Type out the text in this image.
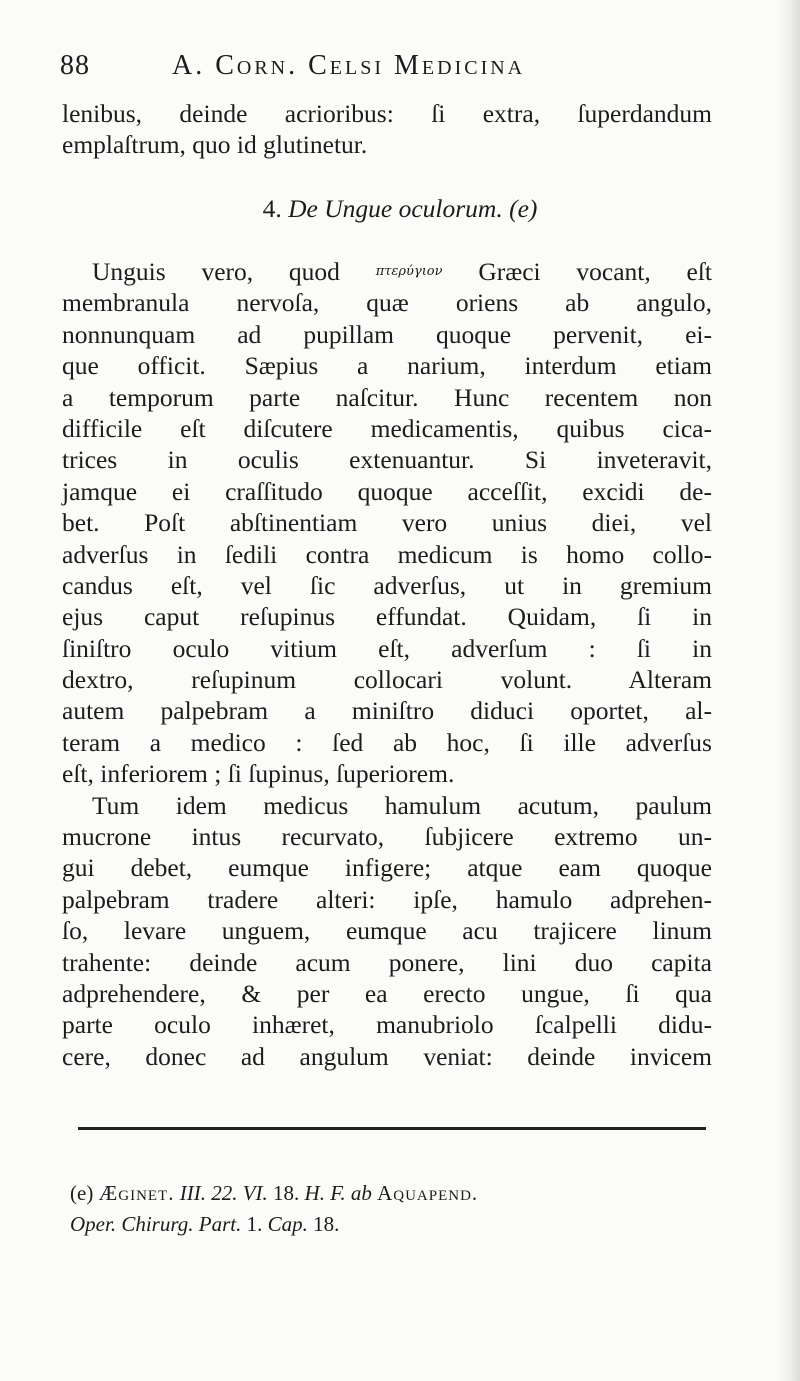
88	A. Corn. Celsi Medicina
lenibus, deinde acrioribus: ſi extra, ſuperdandum
emplaſtrum, quo id glutinetur.
4. De Ungue oculorum. (e)
Unguis vero, quod	πτερύγιον Græci vocant, eſt
membranula nervoſa, quæ oriens ab angulo,
nonnunquam ad pupillam quoque pervenit, ei-
que officit. Sæpius a narium, interdum etiam
a temporum parte naſcitur. Hunc recentem non
difficile eſt diſcutere medicamentis, quibus cica-
trices in oculis extenuantur. Si inveteravit,
jamque ei craſſitudo quoque acceſſit, excidi de-
bet. Poſt abſtinentiam vero unius diei, vel
adverſus in ſedili contra medicum is homo collo-
candus eſt, vel ſic adverſus, ut in gremium
ejus caput reſupinus effundat. Quidam, ſi in
ſiniſtro oculo vitium eſt, adverſum : ſi in
dextro, reſupinum collocari volunt. Alteram
autem palpebram a miniſtro diduci oportet, al-
teram a medico : ſed ab hoc, ſi ille adverſus
eſt, inferiorem ; ſi ſupinus, ſuperiorem.
Tum idem medicus hamulum acutum, paulum
mucrone intus recurvato, ſubjicere extremo un-
gui debet, eumque infigere; atque eam quoque
palpebram tradere alteri: ipſe, hamulo adprehen-
ſo, levare unguem, eumque acu trajicere linum
trahente: deinde acum ponere, lini duo capita
adprehendere, & per ea erecto ungue, ſi qua
parte oculo inhæret, manubriolo ſcalpelli didu-
cere, donec ad angulum veniat: deinde invicem
(e) Æginet. III. 22. VI. 18. H. F. ab Aquapend.
Oper. Chirurg. Part. 1. Cap. 18.
